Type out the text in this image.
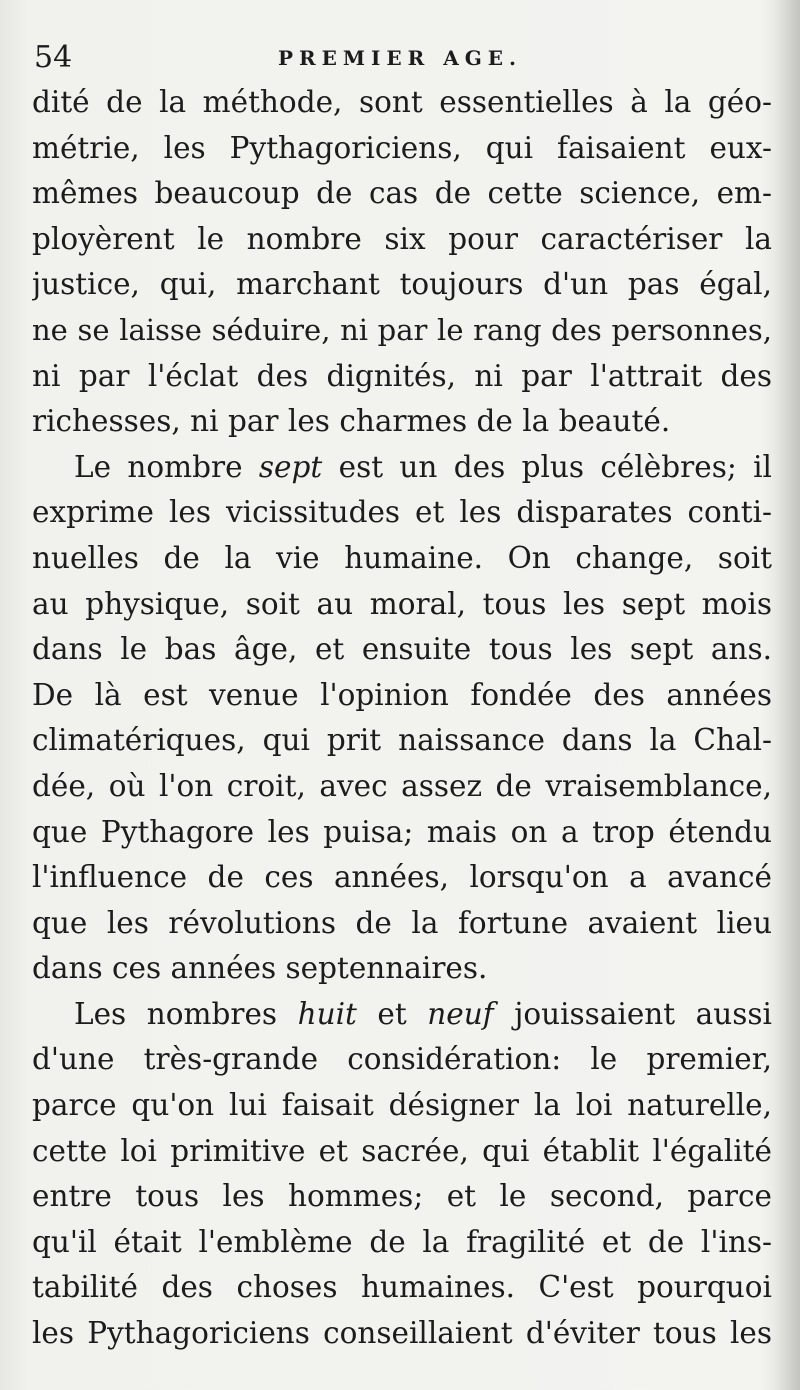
54	PREMIER AGE.
dité de la méthode, sont essentielles à la géo-
métrie, les Pythagoriciens, qui faisaient eux-
mêmes beaucoup de cas de cette science, em-
ployèrent le nombre six pour caractériser la
justice, qui, marchant toujours d'un pas égal,
ne se laisse séduire, ni par le rang des personnes,
ni par l'éclat des dignités, ni par l'attrait des
richesses, ni par les charmes de la beauté.
Le nombre sept est un des plus célèbres; il
exprime les vicissitudes et les disparates conti-
nuelles de la vie humaine. On change, soit
au physique, soit au moral, tous les sept mois
dans le bas âge, et ensuite tous les sept ans.
De là est venue l'opinion fondée des années
climatériques, qui prit naissance dans la Chal-
dée, où l'on croit, avec assez de vraisemblance,
que Pythagore les puisa; mais on a trop étendu
l'influence de ces années, lorsqu'on a avancé
que les révolutions de la fortune avaient lieu
dans ces années septennaires.
Les nombres huit et neuf jouissaient aussi
d'une très-grande considération: le premier,
parce qu'on lui faisait désigner la loi naturelle,
cette loi primitive et sacrée, qui établit l'égalité
entre tous les hommes; et le second, parce
qu'il était l'emblème de la fragilité et de l'ins-
tabilité des choses humaines. C'est pourquoi
les Pythagoriciens conseillaient d'éviter tous les
